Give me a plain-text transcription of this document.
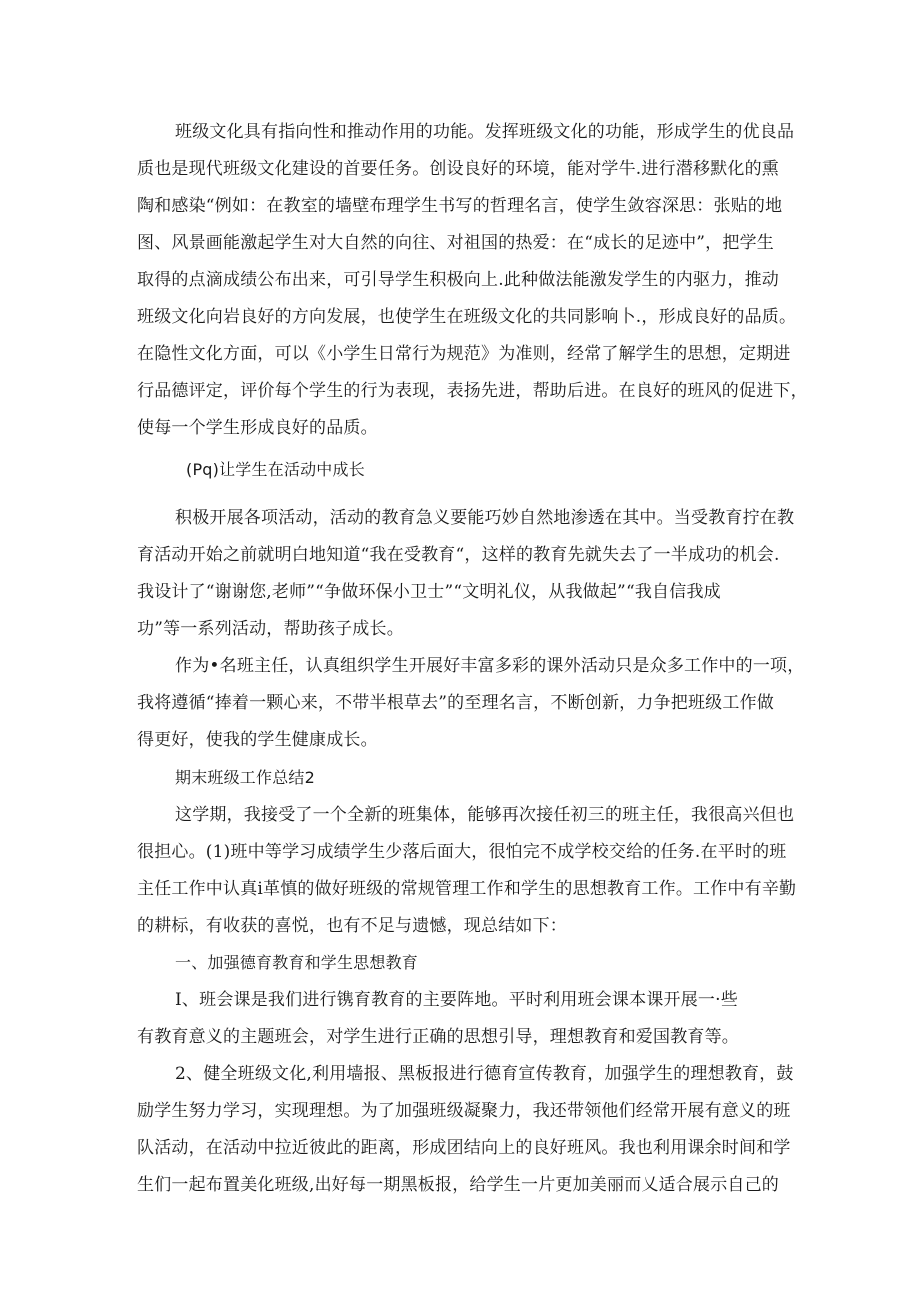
班级文化具有指向性和推动作用的功能。发挥班级文化的功能，形成学生的优良品
质也是现代班级文化建设的首要任务。创设良好的环境，能对学牛.进行潜移默化的熏
陶和感染“例如：在教室的墙壁布理学生书写的哲理名言，使学生敛容深思：张贴的地
图、风景画能激起学生对大自然的向往、对祖国的热爱：在“成长的足迹中”，把学生
取得的点滴成绩公布出来，可引导学生积极向上.此种做法能激发学生的内驱力，推动
班级文化向岩良好的方向发展，也使学生在班级文化的共同影响卜.，形成良好的品质。
在隐性文化方面，可以《小学生日常行为规范》为准则，经常了解学生的思想，定期进
行品德评定，评价每个学生的行为表现，表扬先进，帮助后进。在良好的班风的促进下，
使每一个学生形成良好的品质。
(Pq)让学生在活动中成长
积极开展各项活动，活动的教育急义要能巧妙自然地渗透在其中。当受教育拧在教
育活动开始之前就明白地知道“我在受教育“，这样的教育先就失去了一半成功的机会.
我设计了“谢谢您,老师”“争做环保小卫士”“文明礼仪，从我做起”“我自信我成
功”等一系列活动，帮助孩子成长。
作为•名班主任，认真组织学生开展好丰富多彩的课外活动只是众多工作中的一项，
我将遵循“捧着一颗心来，不带半根草去”的至理名言，不断创新，力争把班级工作做
得更好，使我的学生健康成长。
期末班级工作总结2
这学期，我接受了一个全新的班集体，能够再次接任初三的班主任，我很高兴但也
很担心。(1)班中等学习成绩学生少落后面大，很怕完不成学校交给的任务.在平时的班
主任工作中认真i革慎的做好班级的常规管理工作和学生的思想教育工作。工作中有辛勤
的耕标，有收获的喜悦，也有不足与遗憾，现总结如下：
一、加强德育教育和学生思想教育
I、班会课是我们进行镌育教育的主要阵地。平时利用班会课本课开展一·些
有教育意义的主题班会，对学生进行正确的思想引导，理想教育和爱国教育等。
2、健全班级文化,利用墙报、黑板报进行德育宣传教育，加强学生的理想教育，鼓
励学生努力学习，实现理想。为了加强班级凝聚力，我还带领他们经常开展有意义的班
队活动，在活动中拉近彼此的距离，形成团结向上的良好班风。我也利用课余时间和学
生们一起布置美化班级,出好每一期黑板报，给学生一片更加美丽而乂适合展示自己的
